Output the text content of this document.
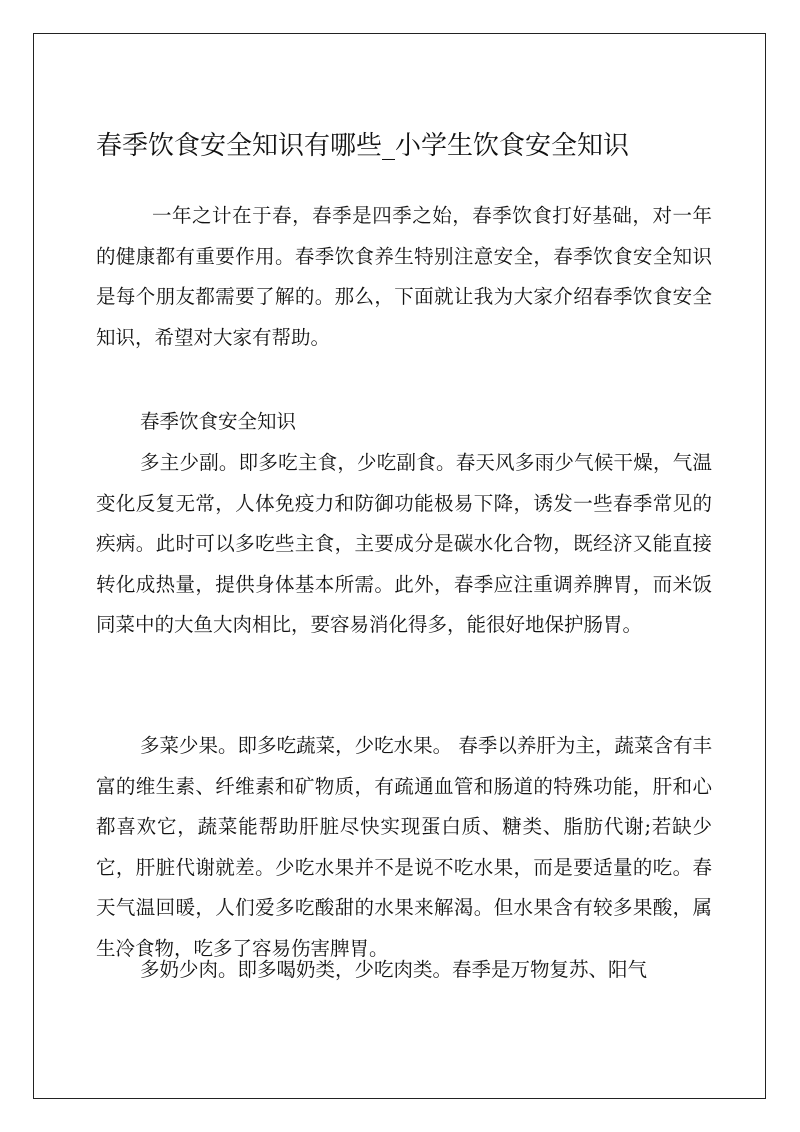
春季饮食安全知识有哪些_小学生饮食安全知识

一年之计在于春，春季是四季之始，春季饮食打好基础，对一年的健康都有重要作用。春季饮食养生特别注意安全，春季饮食安全知识是每个朋友都需要了解的。那么，下面就让我为大家介绍春季饮食安全知识，希望对大家有帮助。

春季饮食安全知识

多主少副。即多吃主食，少吃副食。春天风多雨少气候干燥，气温变化反复无常，人体免疫力和防御功能极易下降，诱发一些春季常见的疾病。此时可以多吃些主食，主要成分是碳水化合物，既经济又能直接转化成热量，提供身体基本所需。此外，春季应注重调养脾胃，而米饭同菜中的大鱼大肉相比，要容易消化得多，能很好地保护肠胃。

多菜少果。即多吃蔬菜，少吃水果。 春季以养肝为主，蔬菜含有丰富的维生素、纤维素和矿物质，有疏通血管和肠道的特殊功能，肝和心都喜欢它，蔬菜能帮助肝脏尽快实现蛋白质、糖类、脂肪代谢;若缺少它，肝脏代谢就差。少吃水果并不是说不吃水果，而是要适量的吃。春天气温回暖，人们爱多吃酸甜的水果来解渴。但水果含有较多果酸，属生冷食物，吃多了容易伤害脾胃。

多奶少肉。即多喝奶类，少吃肉类。春季是万物复苏、阳气
